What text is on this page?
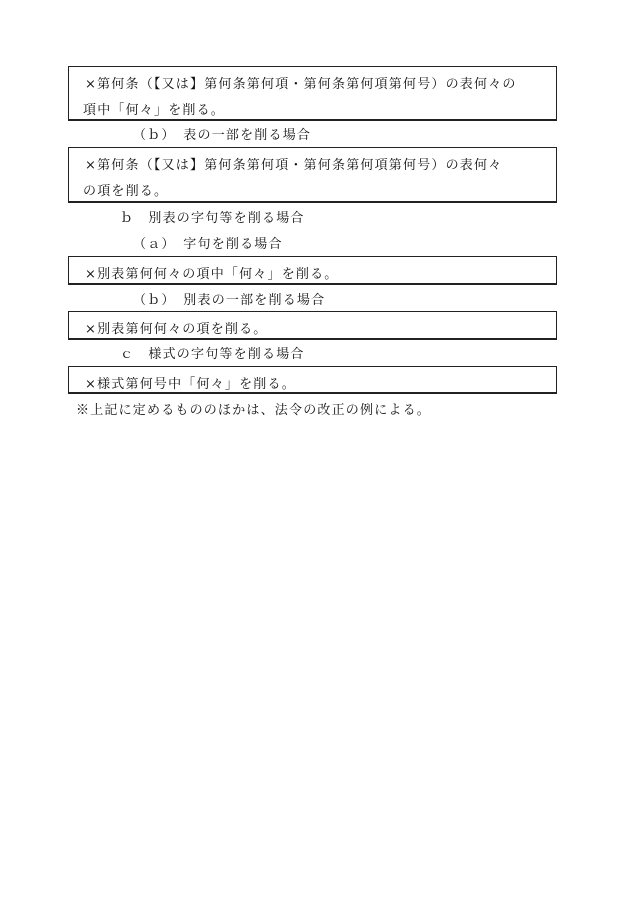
×第何条（【又は】第何条第何項・第何条第何項第何号）の表何々の
項中「何々」を削る。
（ｂ）　表の一部を削る場合
×第何条（【又は】第何条第何項・第何条第何項第何号）の表何々
の項を削る。
ｂ　別表の字句等を削る場合
（ａ）　字句を削る場合
×別表第何何々の項中「何々」を削る。
（ｂ）　別表の一部を削る場合
×別表第何何々の項を削る。
ｃ　様式の字句等を削る場合
×様式第何号中「何々」を削る。
※上記に定めるもののほかは、法令の改正の例による。
